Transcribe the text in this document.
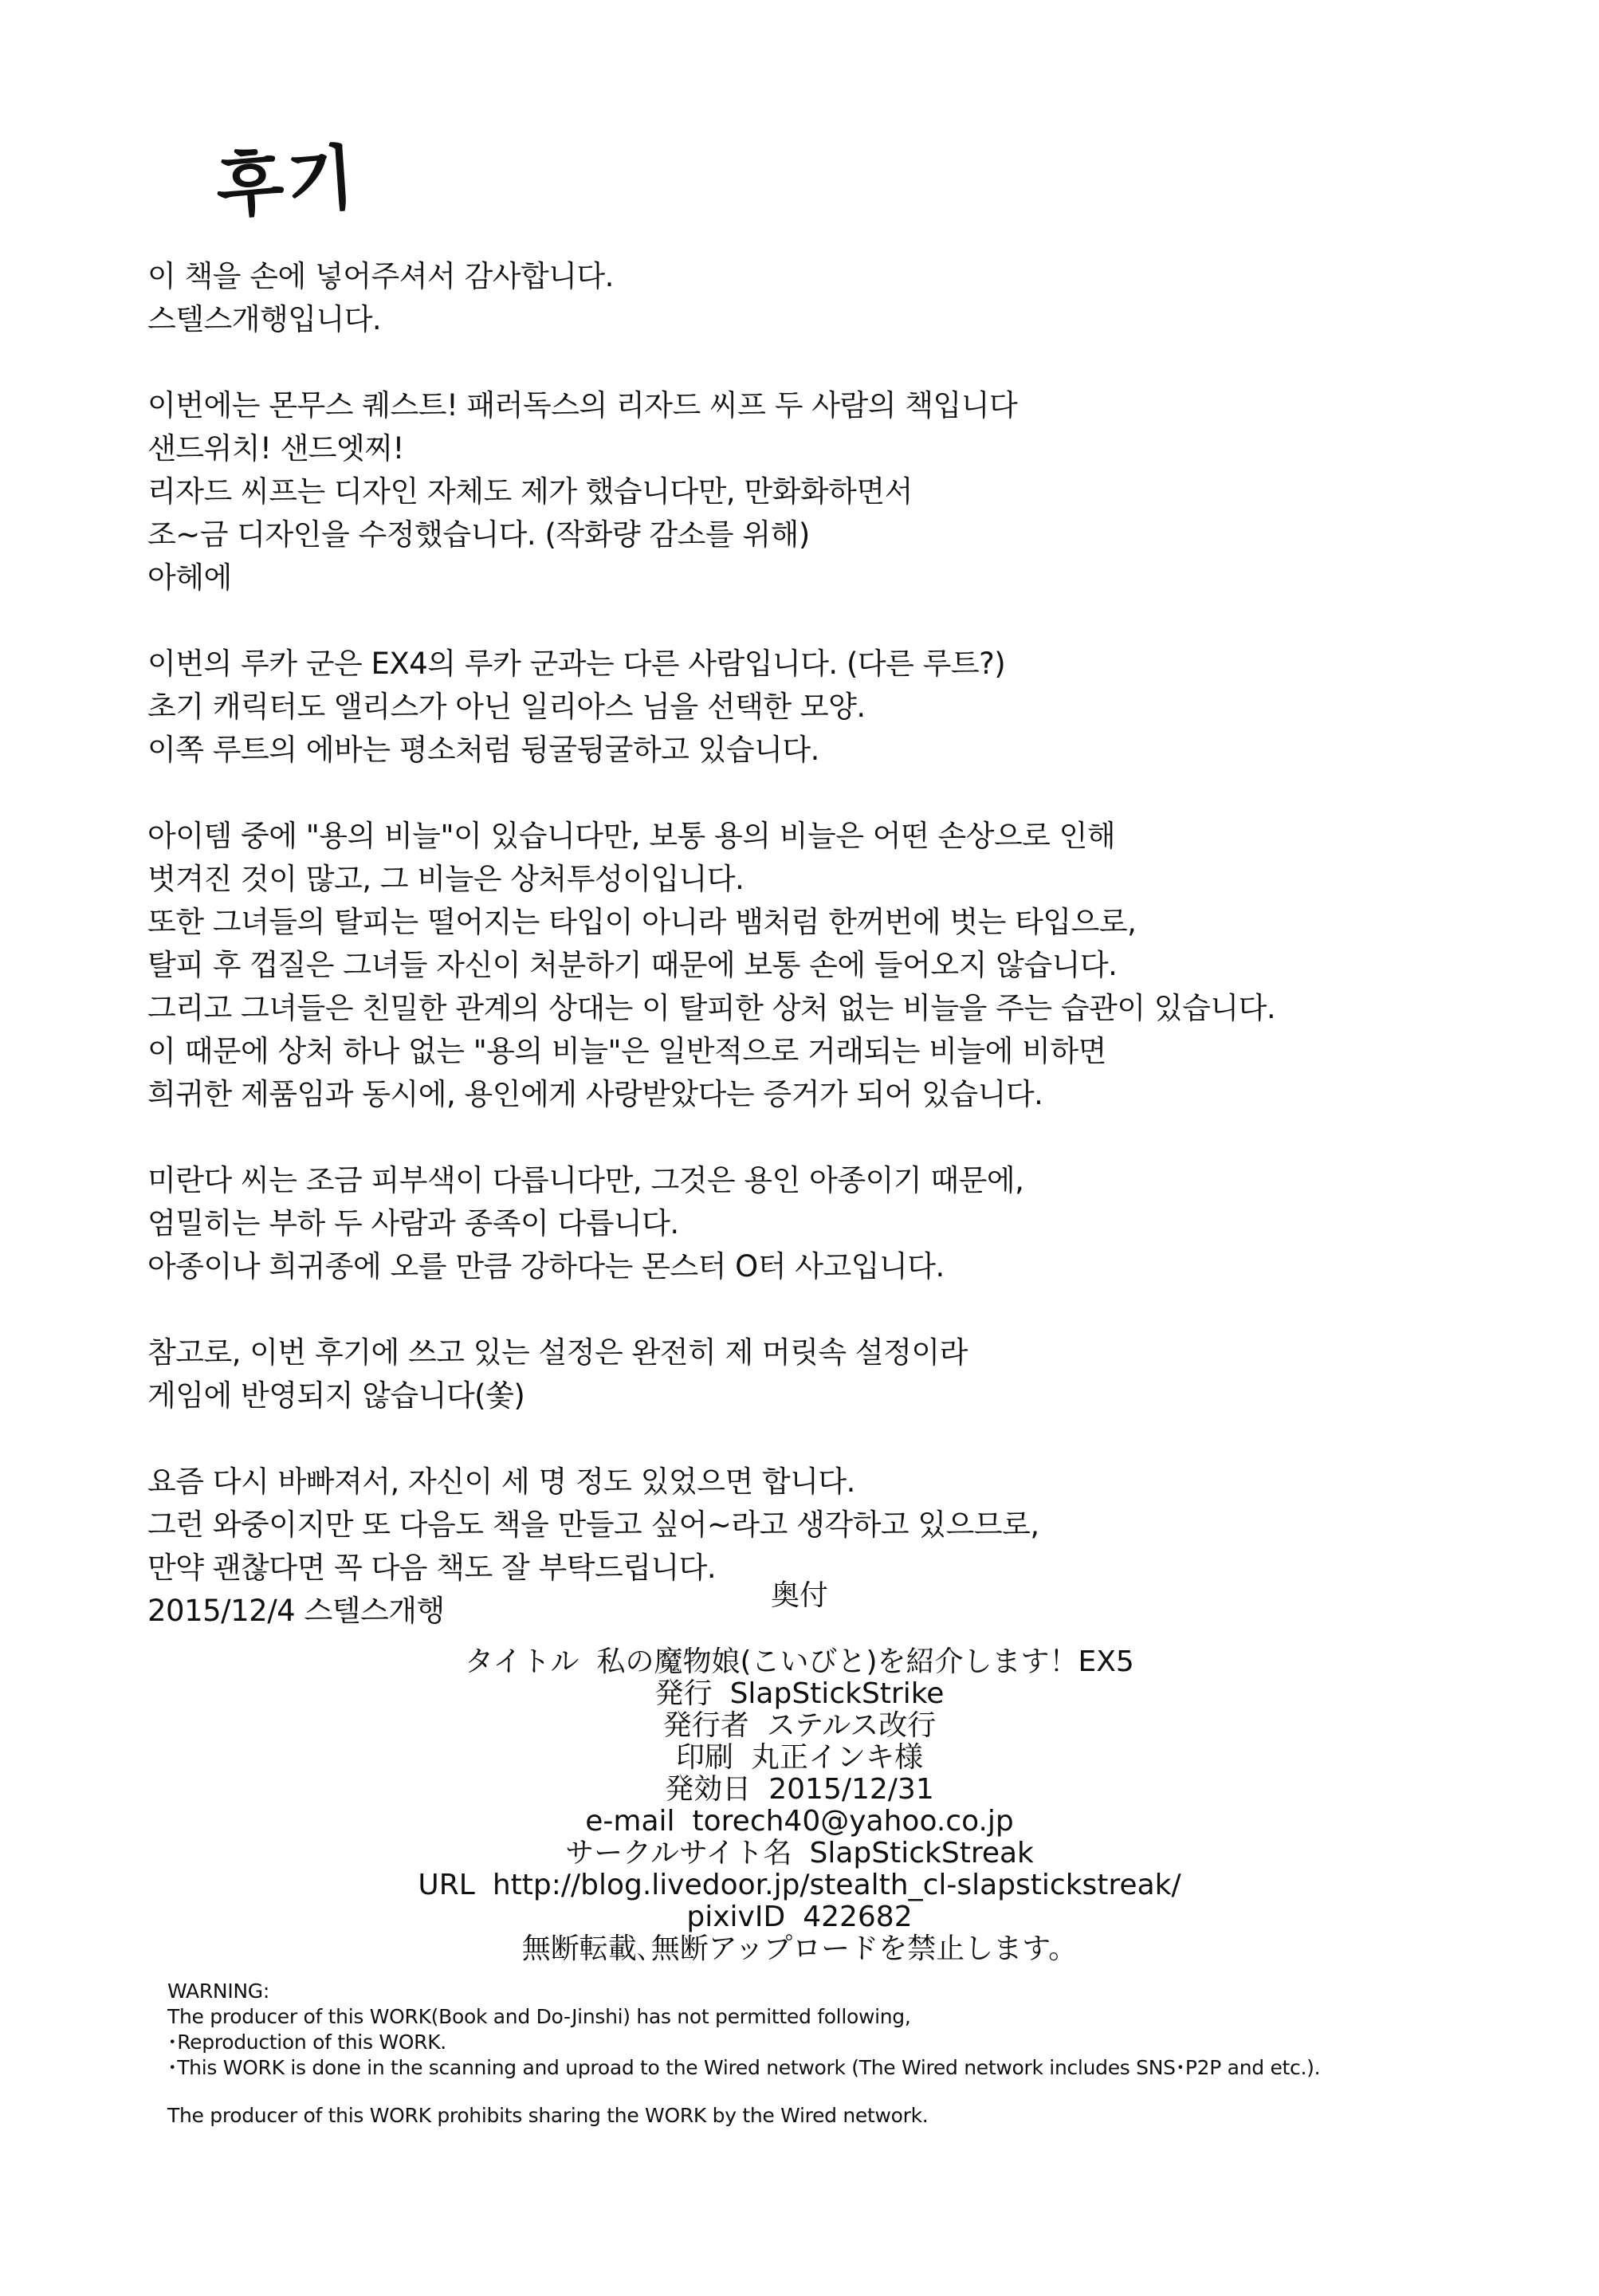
후기
이 책을 손에 넣어주셔서 감사합니다.
스텔스개행입니다.
이번에는 몬무스 퀘스트! 패러독스의 리자드 씨프 두 사람의 책입니다
샌드위치! 샌드엣찌!
리자드 씨프는 디자인 자체도 제가 했습니다만, 만화화하면서
조~금 디자인을 수정했습니다. (작화량 감소를 위해)
아헤에
이번의 루카 군은 EX4의 루카 군과는 다른 사람입니다. (다른 루트?)
초기 캐릭터도 앨리스가 아닌 일리아스 님을 선택한 모양.
이쪽 루트의 에바는 평소처럼 뒹굴뒹굴하고 있습니다.
아이템 중에 "용의 비늘"이 있습니다만, 보통 용의 비늘은 어떤 손상으로 인해
벗겨진 것이 많고, 그 비늘은 상처투성이입니다.
또한 그녀들의 탈피는 떨어지는 타입이 아니라 뱀처럼 한꺼번에 벗는 타입으로,
탈피 후 껍질은 그녀들 자신이 처분하기 때문에 보통 손에 들어오지 않습니다.
그리고 그녀들은 친밀한 관계의 상대는 이 탈피한 상처 없는 비늘을 주는 습관이 있습니다.
이 때문에 상처 하나 없는 "용의 비늘"은 일반적으로 거래되는 비늘에 비하면
희귀한 제품임과 동시에, 용인에게 사랑받았다는 증거가 되어 있습니다.
미란다 씨는 조금 피부색이 다릅니다만, 그것은 용인 아종이기 때문에,
엄밀히는 부하 두 사람과 종족이 다릅니다.
아종이나 희귀종에 오를 만큼 강하다는 몬스터 O터 사고입니다.
참고로, 이번 후기에 쓰고 있는 설정은 완전히 제 머릿속 설정이라
게임에 반영되지 않습니다(쏯)
요즘 다시 바빠져서, 자신이 세 명 정도 있었으면 합니다.
그런 와중이지만 또 다음도 책을 만들고 싶어~라고 생각하고 있으므로,
만약 괜찮다면 꼭 다음 책도 잘 부탁드립니다.
2015/12/4 스텔스개행	奥付
タイトル 私の魔物娘(こいびと)を紹介します！EX5
発行 SlapStickStrike
発行者 ステルス改行
印刷 丸正インキ様
発効日 2015/12/31
e-mail torech40@yahoo.co.jp
サークルサイト名 SlapStickStreak
URL http://blog.livedoor.jp/stealth_cl-slapstickstreak/
pixivID 422682
無断転載､無断アップロードを禁止します。
WARNING:
The producer of this WORK(Book and Do-Jinshi) has not permitted following,
･Reproduction of this WORK.
･This WORK is done in the scanning and uproad to the Wired network (The Wired network includes SNS･P2P and etc.).
The producer of this WORK prohibits sharing the WORK by the Wired network.
